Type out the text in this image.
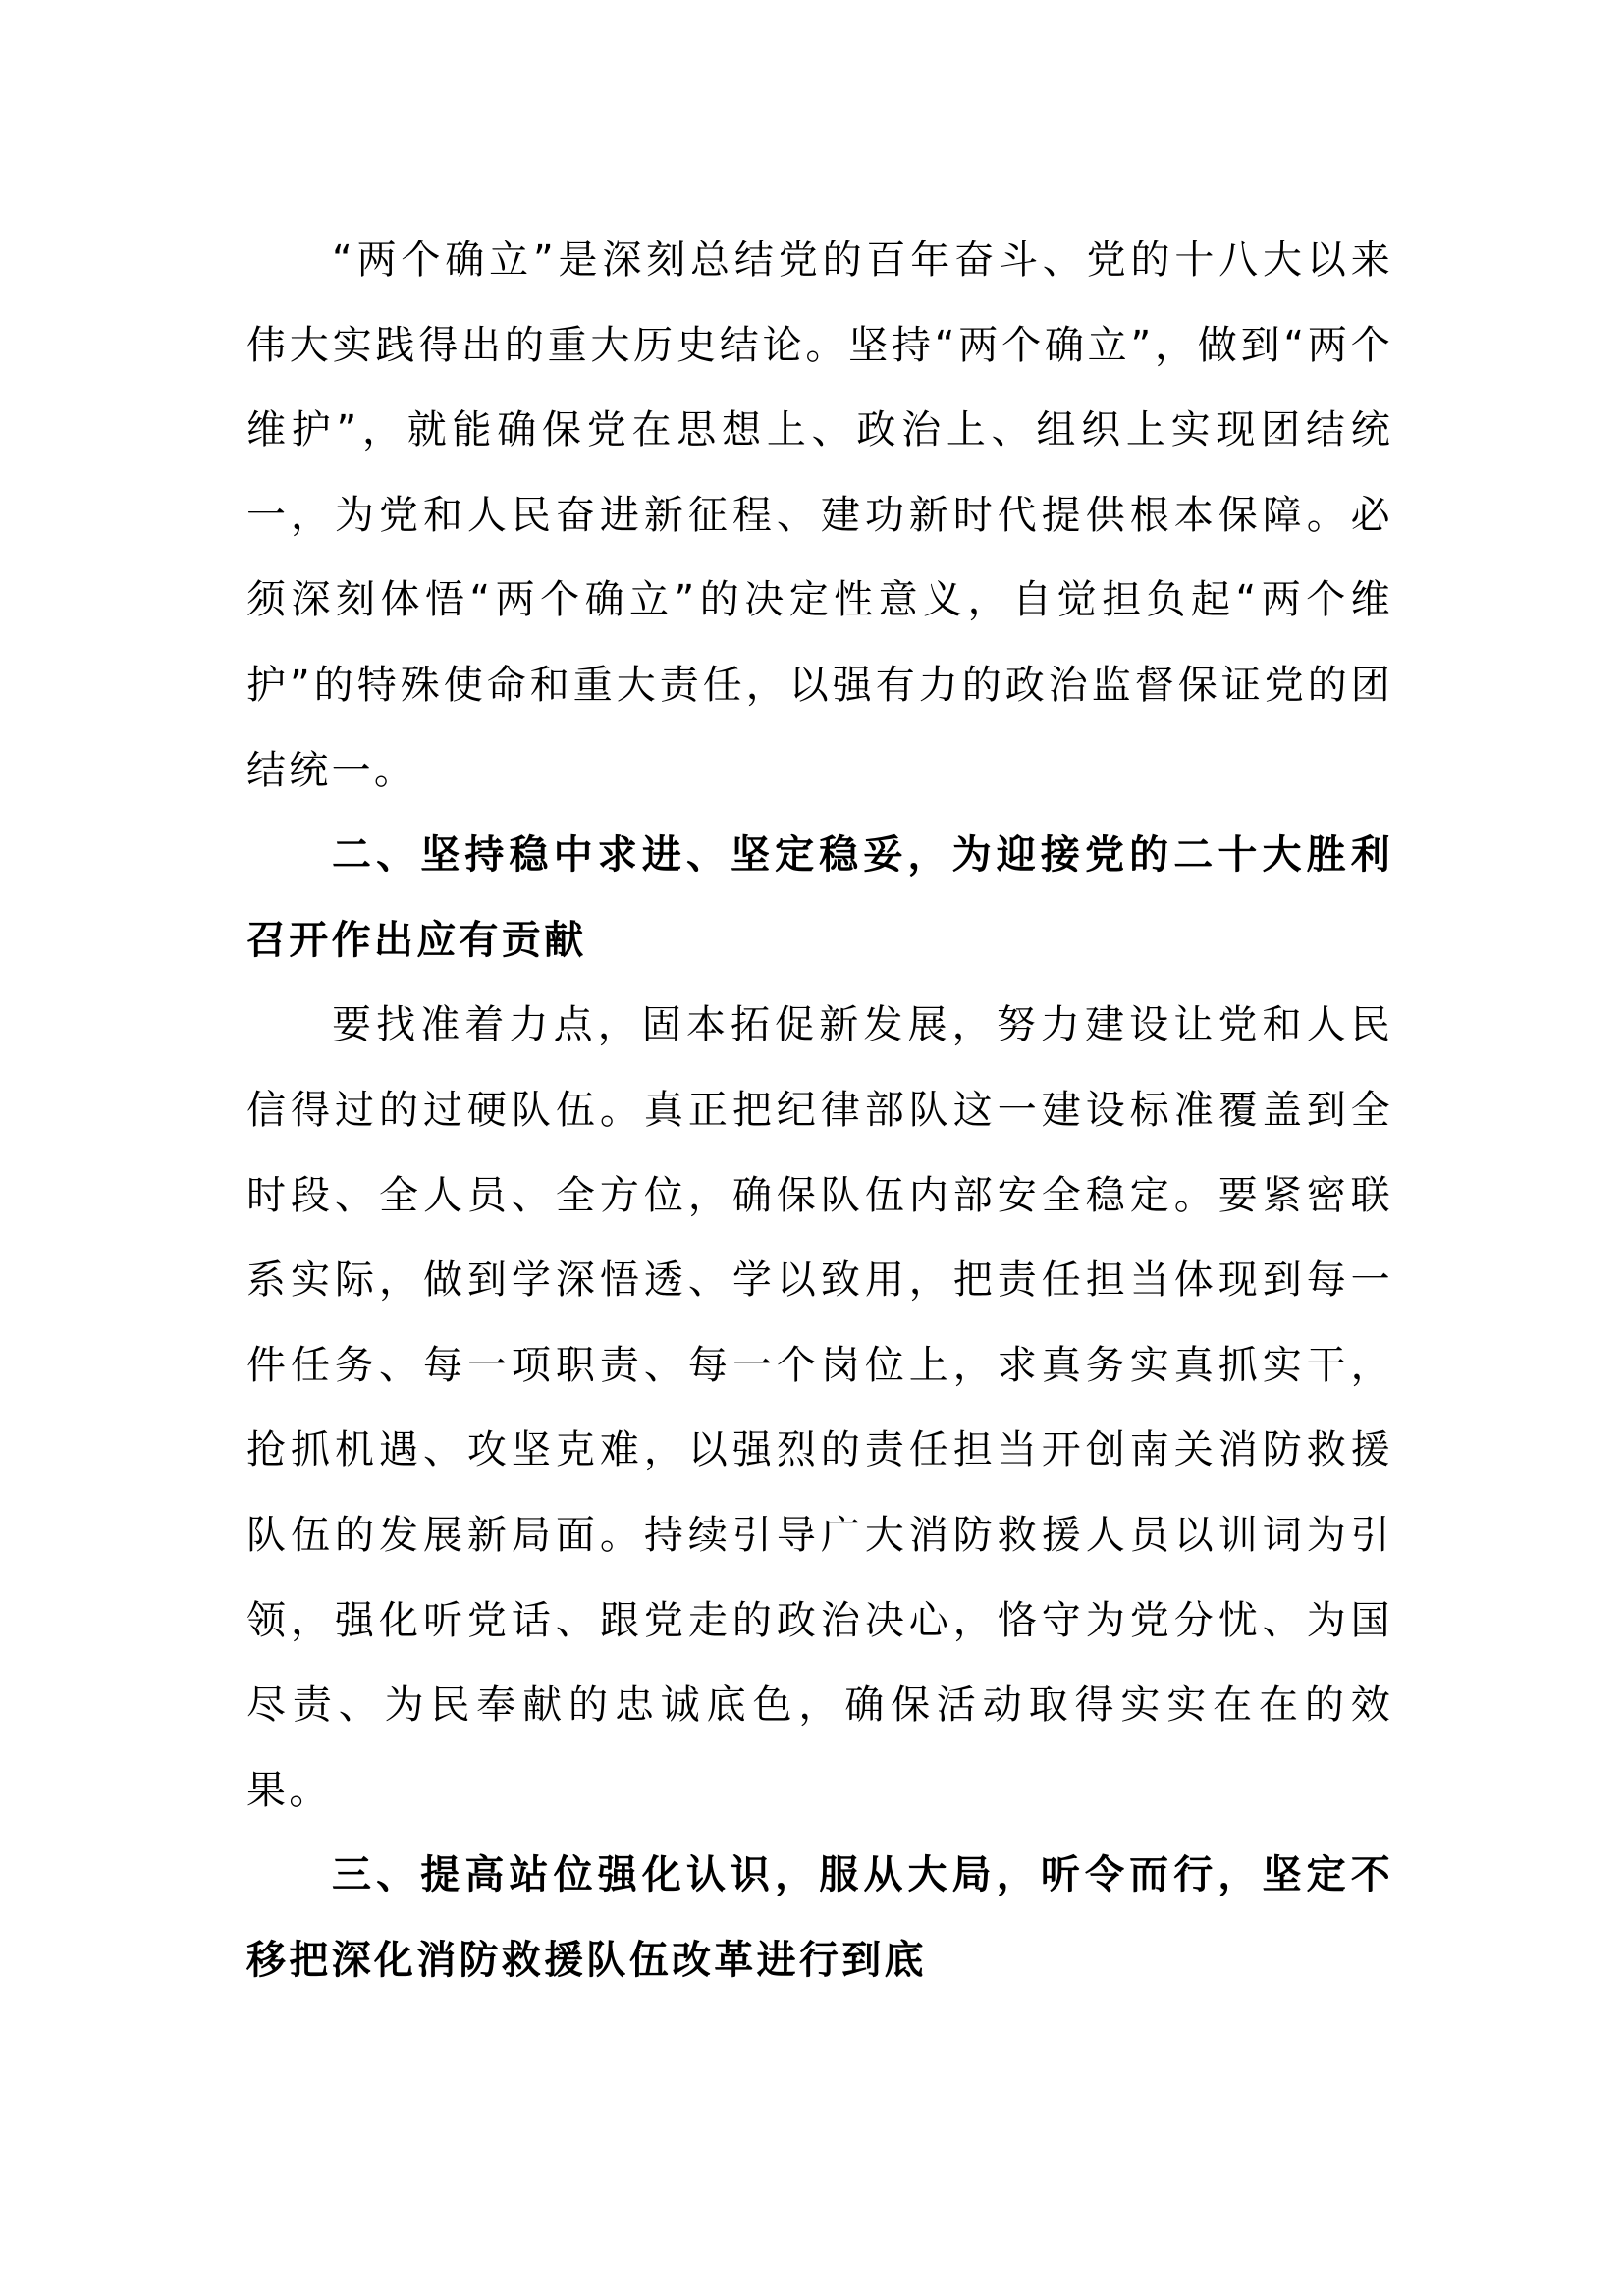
“两个确立”是深刻总结党的百年奋斗、党的十八大以来伟大实践得出的重大历史结论。坚持“两个确立”，做到“两个维护”，就能确保党在思想上、政治上、组织上实现团结统一，为党和人民奋进新征程、建功新时代提供根本保障。必须深刻体悟“两个确立”的决定性意义，自觉担负起“两个维护”的特殊使命和重大责任，以强有力的政治监督保证党的团结统一。

二、坚持稳中求进、坚定稳妥，为迎接党的二十大胜利召开作出应有贡献

要找准着力点，固本拓促新发展，努力建设让党和人民信得过的过硬队伍。真正把纪律部队这一建设标准覆盖到全时段、全人员、全方位，确保队伍内部安全稳定。要紧密联系实际，做到学深悟透、学以致用，把责任担当体现到每一件任务、每一项职责、每一个岗位上，求真务实真抓实干，抢抓机遇、攻坚克难，以强烈的责任担当开创南关消防救援队伍的发展新局面。持续引导广大消防救援人员以训词为引领，强化听党话、跟党走的政治决心，恪守为党分忧、为国尽责、为民奉献的忠诚底色，确保活动取得实实在在的效果。

三、提高站位强化认识，服从大局，听令而行，坚定不移把深化消防救援队伍改革进行到底
